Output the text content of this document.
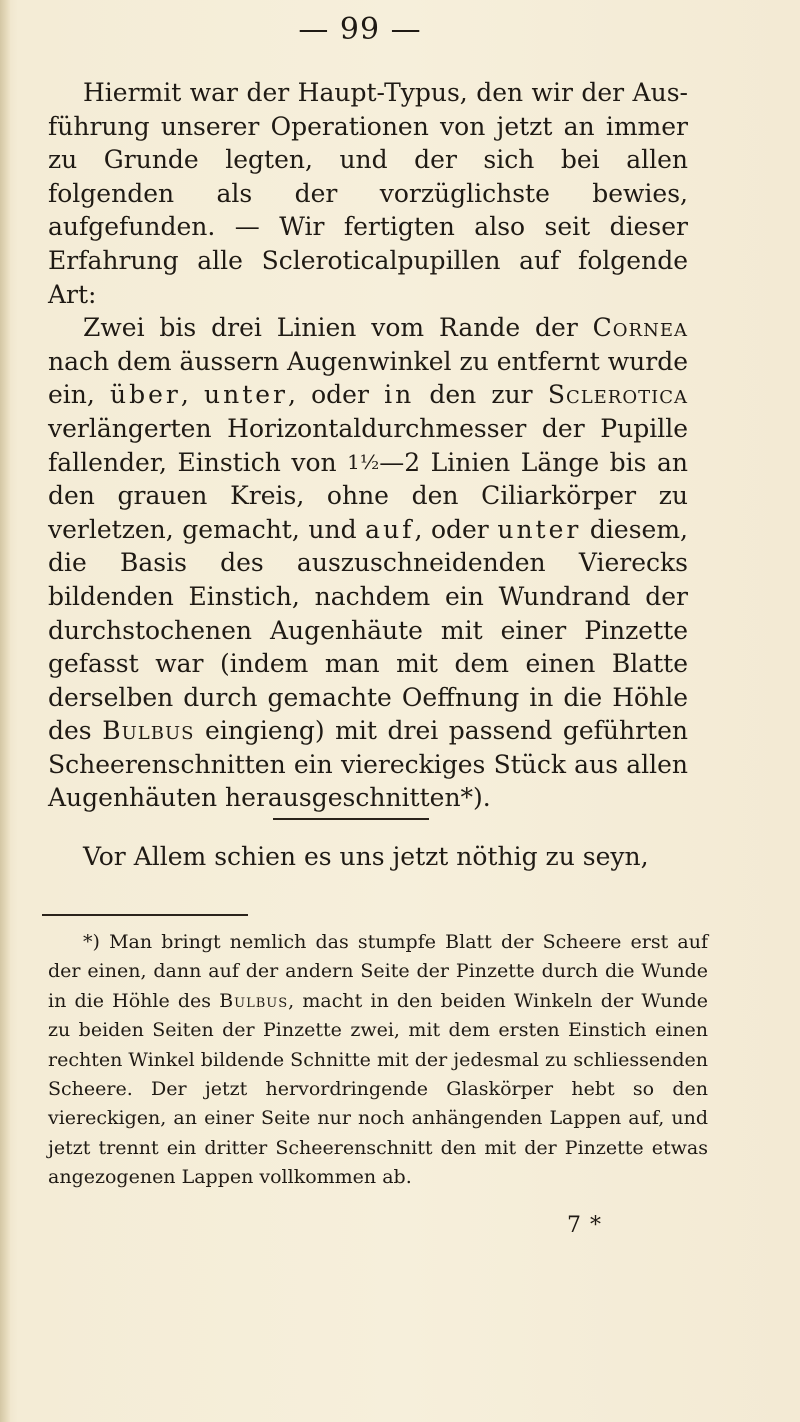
— 99 —

Hiermit war der Haupt-Typus, den wir der Ausführung unserer Operationen von jetzt an immer zu Grunde legten, und der sich bei allen folgenden als der vorzüglichste bewies, aufgefunden. — Wir fertigten also seit dieser Erfahrung alle Scleroticalpupillen auf folgende Art:

Zwei bis drei Linien vom Rande der Cornea nach dem äussern Augenwinkel zu entfernt wurde ein, über, unter, oder in den zur Sclerotica verlängerten Horizontaldurchmesser der Pupille fallender, Einstich von 1½—2 Linien Länge bis an den grauen Kreis, ohne den Ciliarkörper zu verletzen, gemacht, und auf, oder unter diesem, die Basis des auszuschneidenden Vierecks bildenden Einstich, nachdem ein Wundrand der durchstochenen Augenhäute mit einer Pinzette gefasst war (indem man mit dem einen Blatte derselben durch gemachte Oeffnung in die Höhle des Bulbus eingieng) mit drei passend geführten Scheerenschnitten ein viereckiges Stück aus allen Augenhäuten herausgeschnitten*).

Vor Allem schien es uns jetzt nöthig zu seyn,

*) Man bringt nemlich das stumpfe Blatt der Scheere erst auf der einen, dann auf der andern Seite der Pinzette durch die Wunde in die Höhle des Bulbus, macht in den beiden Winkeln der Wunde zu beiden Seiten der Pinzette zwei, mit dem ersten Einstich einen rechten Winkel bildende Schnitte mit der jedesmal zu schliessenden Scheere. Der jetzt hervordringende Glaskörper hebt so den viereckigen, an einer Seite nur noch anhängenden Lappen auf, und jetzt trennt ein dritter Scheerenschnitt den mit der Pinzette etwas angezogenen Lappen vollkommen ab.

7 *
